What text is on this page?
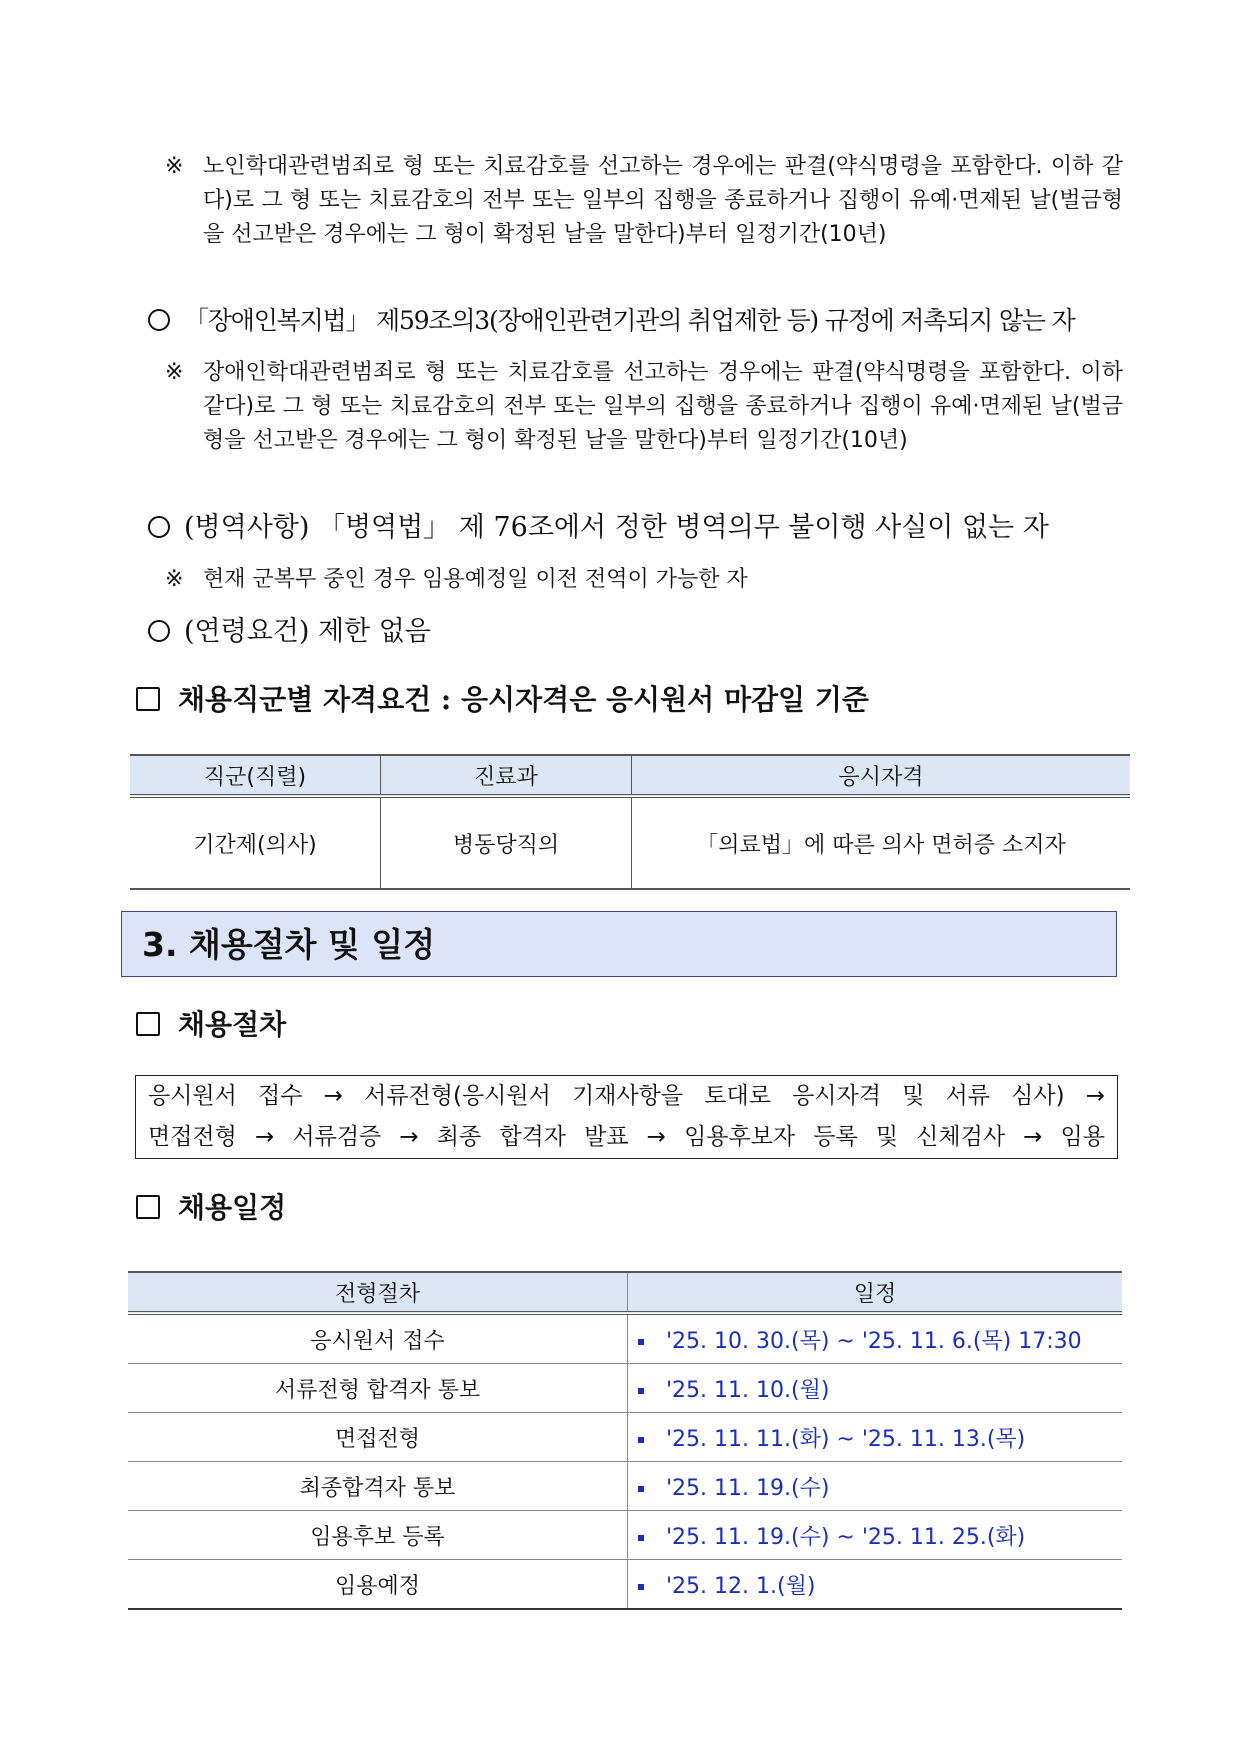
※ 노인학대관련범죄로 형 또는 치료감호를 선고하는 경우에는 판결(약식명령을 포함한다. 이하 같다)로 그 형 또는 치료감호의 전부 또는 일부의 집행을 종료하거나 집행이 유예·면제된 날(벌금형을 선고받은 경우에는 그 형이 확정된 날을 말한다)부터 일정기간(10년)
「장애인복지법」 제59조의3(장애인관련기관의 취업제한 등) 규정에 저촉되지 않는 자
※ 장애인학대관련범죄로 형 또는 치료감호를 선고하는 경우에는 판결(약식명령을 포함한다. 이하 같다)로 그 형 또는 치료감호의 전부 또는 일부의 집행을 종료하거나 집행이 유예·면제된 날(벌금형을 선고받은 경우에는 그 형이 확정된 날을 말한다)부터 일정기간(10년)
(병역사항) 「병역법」 제 76조에서 정한 병역의무 불이행 사실이 없는 자
※ 현재 군복무 중인 경우 임용예정일 이전 전역이 가능한 자
(연령요건) 제한 없음
채용직군별 자격요건 : 응시자격은 응시원서 마감일 기준
직군(직렬)	진료과	응시자격
기간제(의사)	병동당직의	「의료법」에 따른 의사 면허증 소지자
3. 채용절차 및 일정
채용절차
응시원서 접수 → 서류전형(응시원서 기재사항을 토대로 응시자격 및 서류 심사) →
면접전형 → 서류검증 → 최종 합격자 발표 → 임용후보자 등록 및 신체검사 → 임용
채용일정
전형절차	일정
응시원서 접수	'25. 10. 30.(목) ~ '25. 11. 6.(목) 17:30
서류전형 합격자 통보	'25. 11. 10.(월)
면접전형	'25. 11. 11.(화) ~ '25. 11. 13.(목)
최종합격자 통보	'25. 11. 19.(수)
임용후보 등록	'25. 11. 19.(수) ~ '25. 11. 25.(화)
임용예정	'25. 12. 1.(월)
